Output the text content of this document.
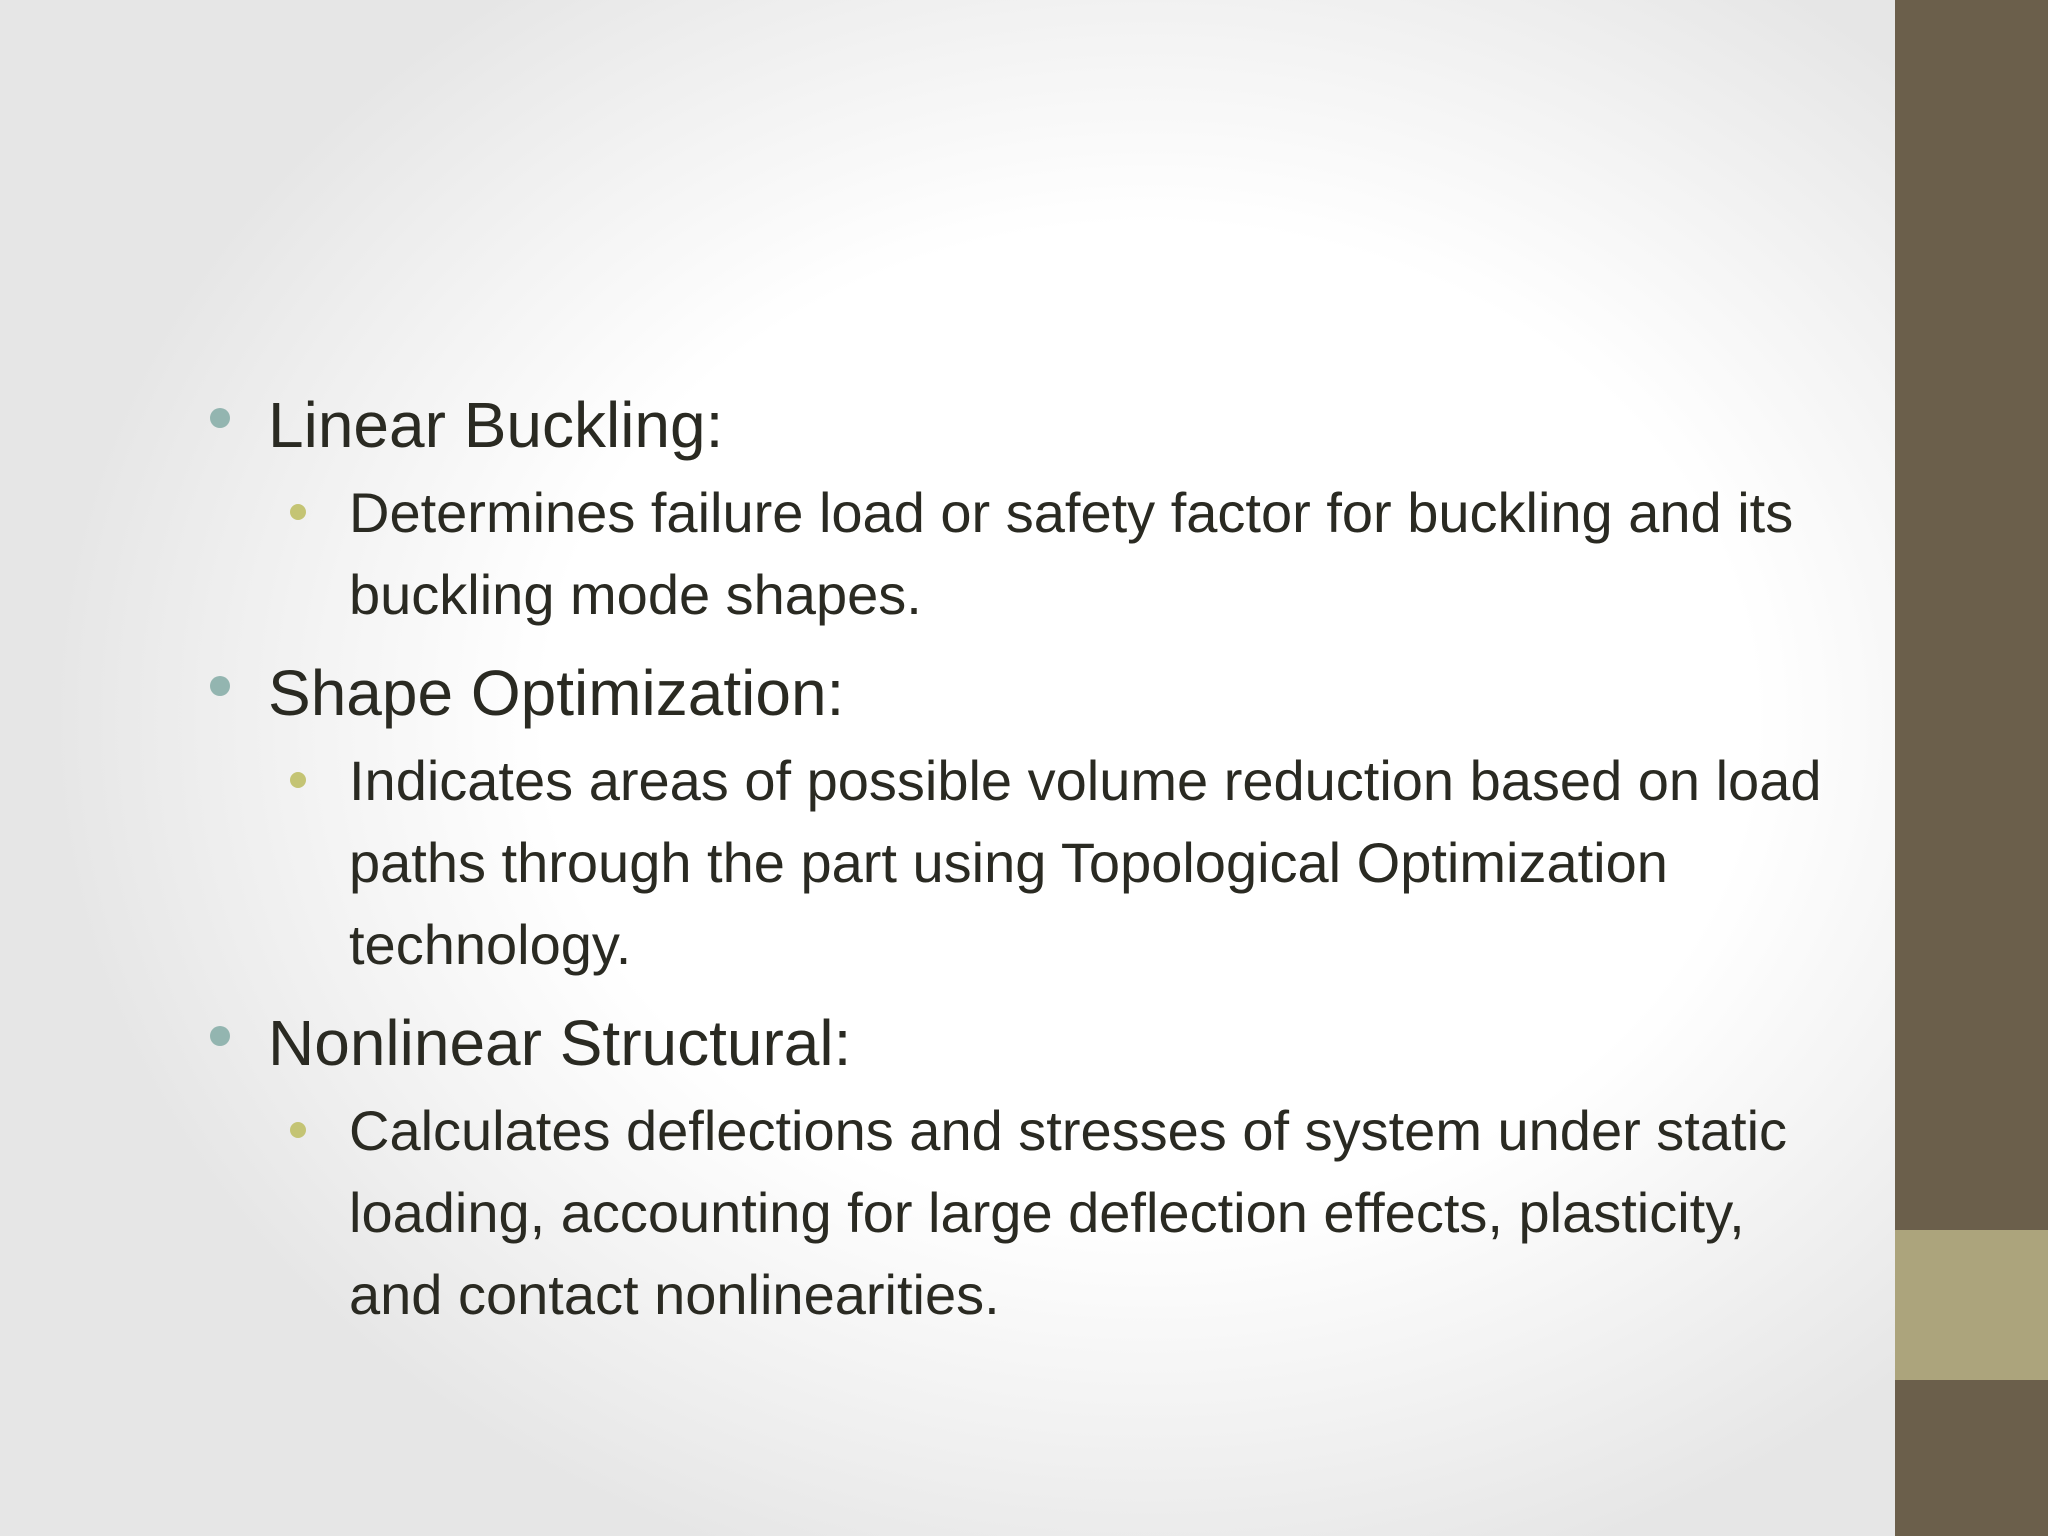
Linear Buckling:
Determines failure load or safety factor for buckling and its buckling mode shapes.
Shape Optimization:
Indicates areas of possible volume reduction based on load paths through the part using Topological Optimization technology.
Nonlinear Structural:
Calculates deflections and stresses of system under static loading, accounting for large deflection effects, plasticity, and contact nonlinearities.
